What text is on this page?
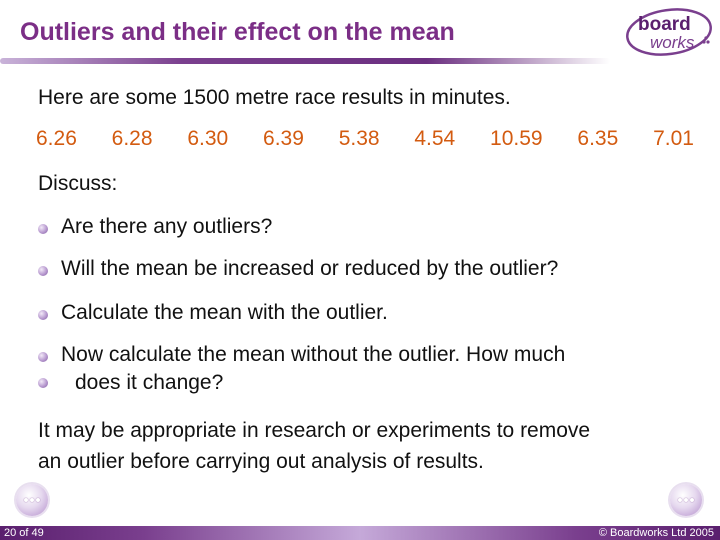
Outliers and their effect on the mean	board
works
Here are some 1500 metre race results in minutes.
6.26	6.28	6.30	6.39	5.38	4.54	10.59	6.35	7.01
Discuss:
Are there any outliers?
Will the mean be increased or reduced by the outlier?
Calculate the mean with the outlier.
Now calculate the mean without the outlier. How much
does it change?
It may be appropriate in research or experiments to remove
an outlier before carrying out analysis of results.
20 of 49	© Boardworks Ltd 2005
